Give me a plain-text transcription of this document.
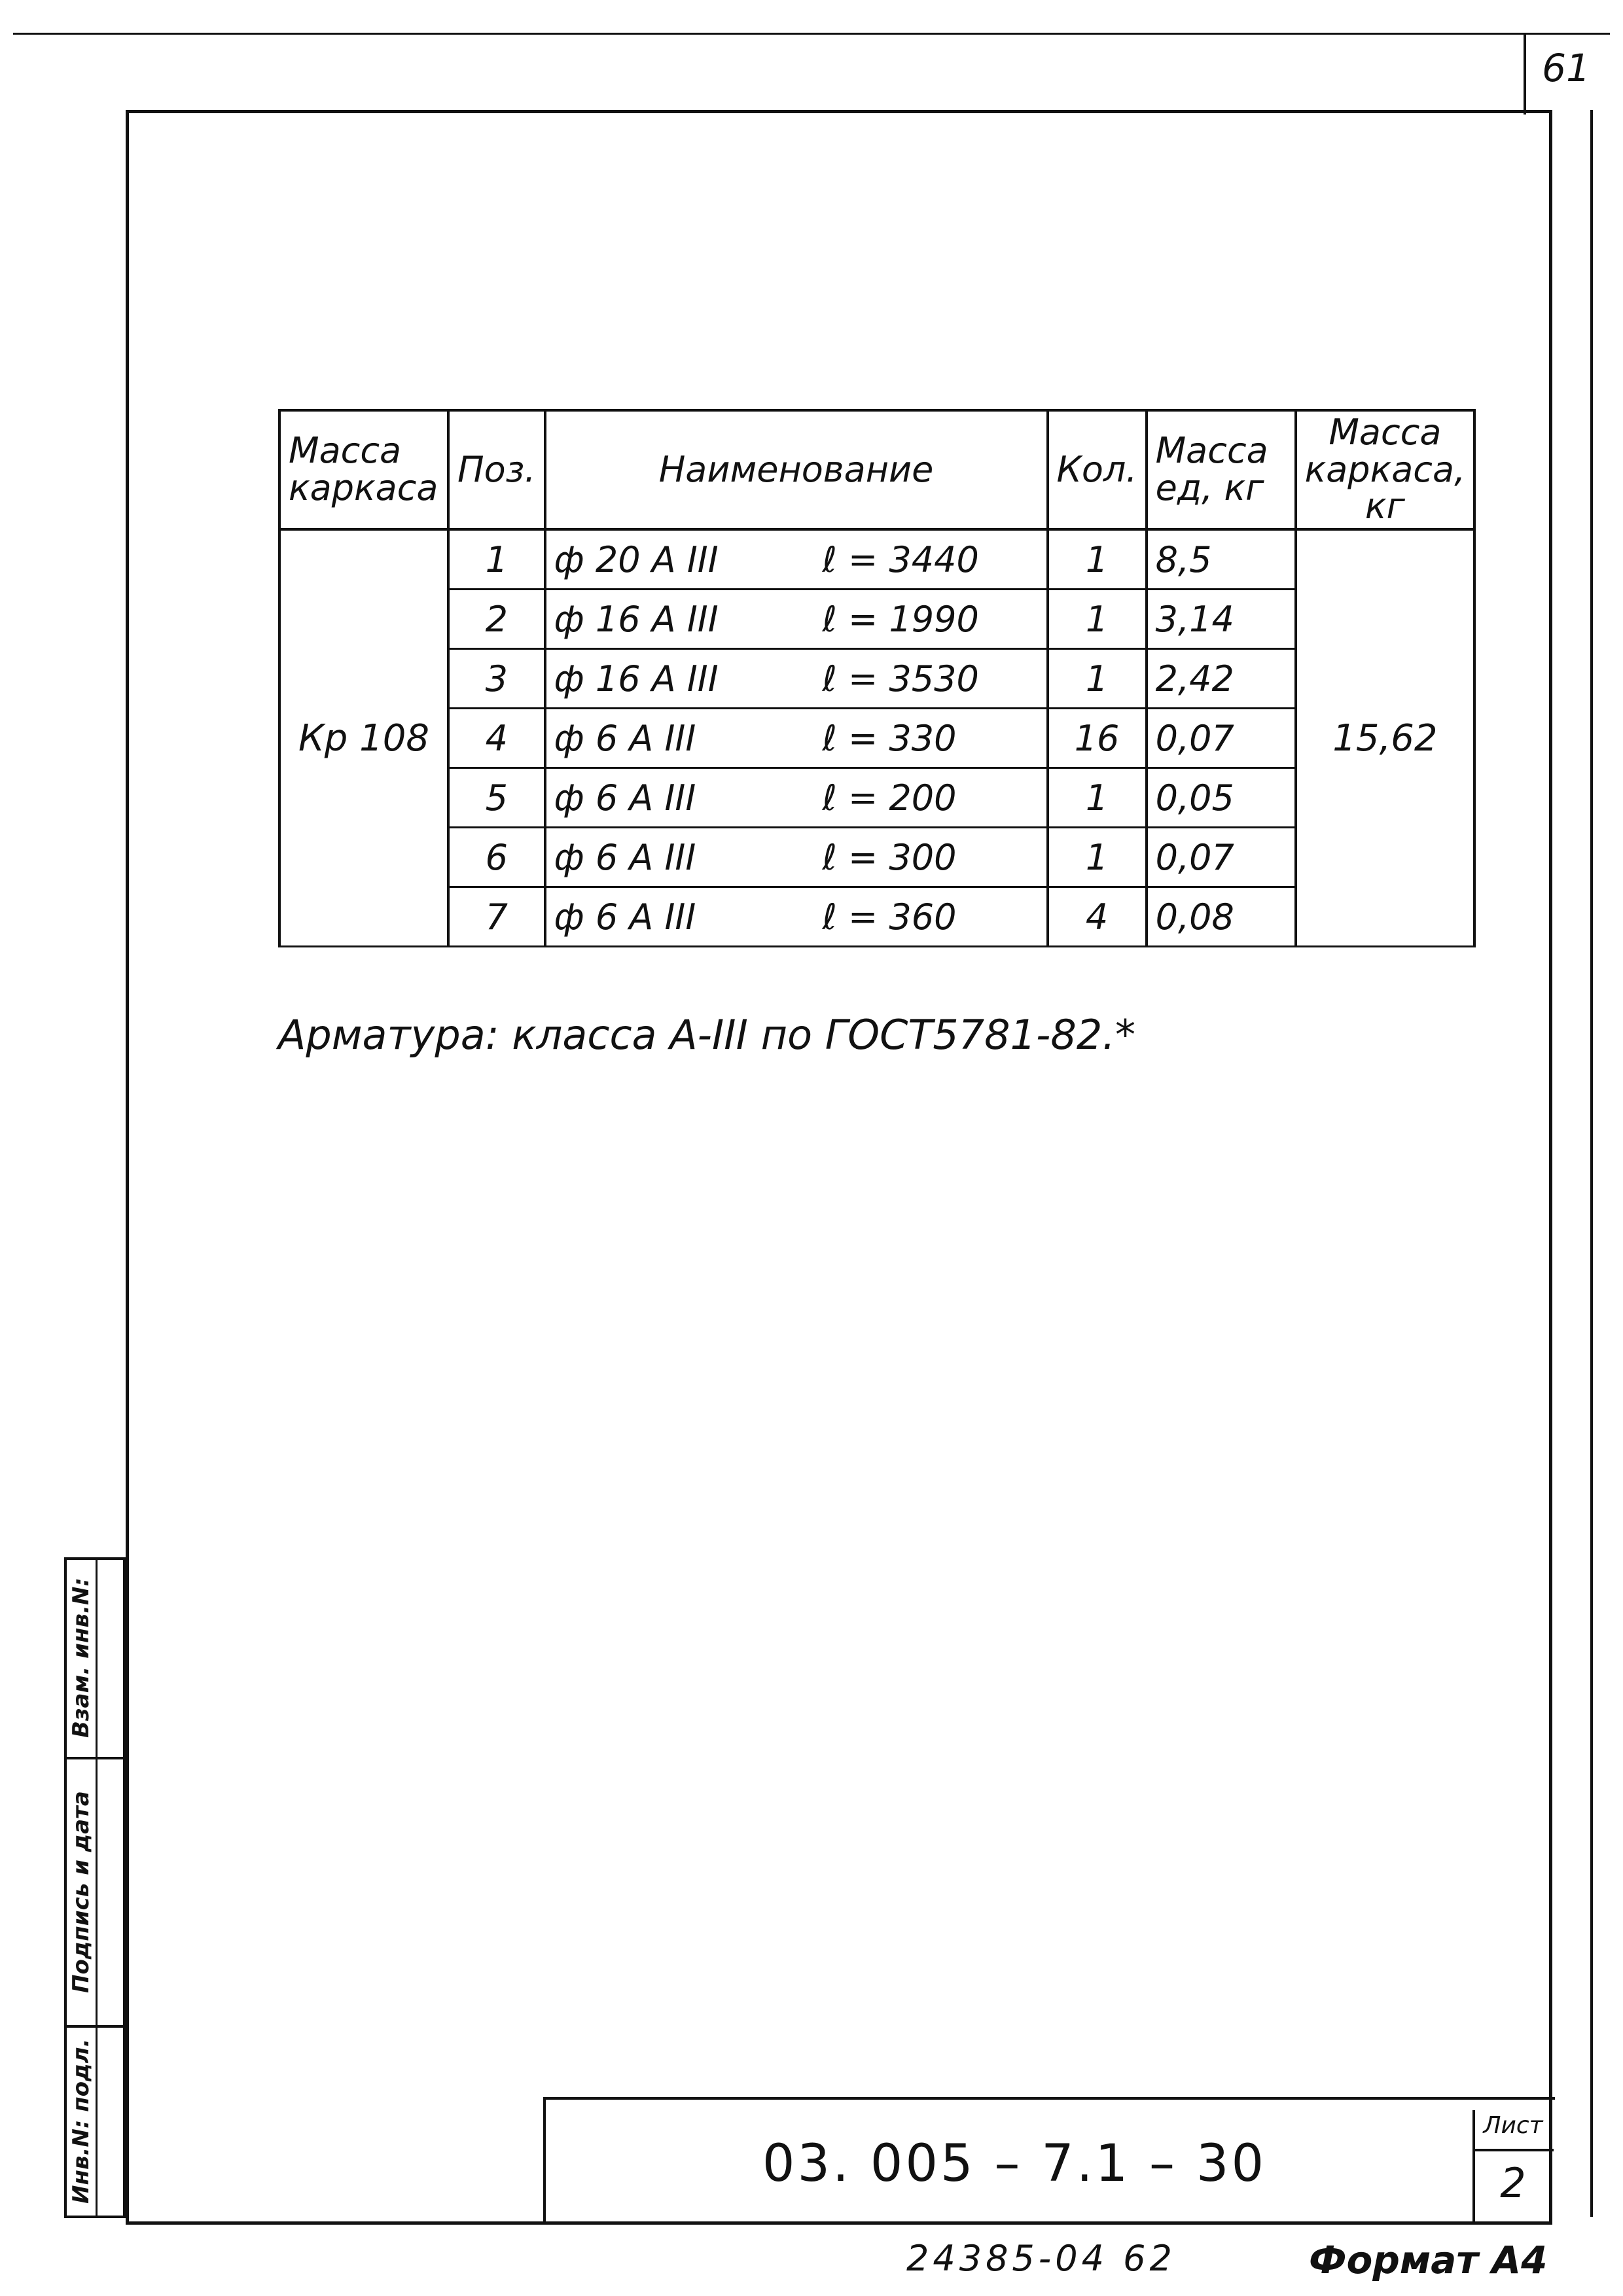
61
Масса каркаса	Поз.	Наименование	Кол.	Масса ед, кг	Масса каркаса, кг
Кр 108	1	ф 20 А III ℓ = 3440	1	8,5	15,62
	2	ф 16 А III ℓ = 1990	1	3,14	
	3	ф 16 А III ℓ = 3530	1	2,42	
	4	ф 6 А III ℓ = 330	16	0,07	
	5	ф 6 А III ℓ = 200	1	0,05	
	6	ф 6 А III ℓ = 300	1	0,07	
	7	ф 6 А III ℓ = 360	4	0,08	
Арматура: класса А-III по ГОСТ5781-82.*
Взам. инв.N:
Подпись и дата
Инв.N: подл.	03. 005 – 7.1 – 30
Лист
2
24385-04 62	Формат А4
